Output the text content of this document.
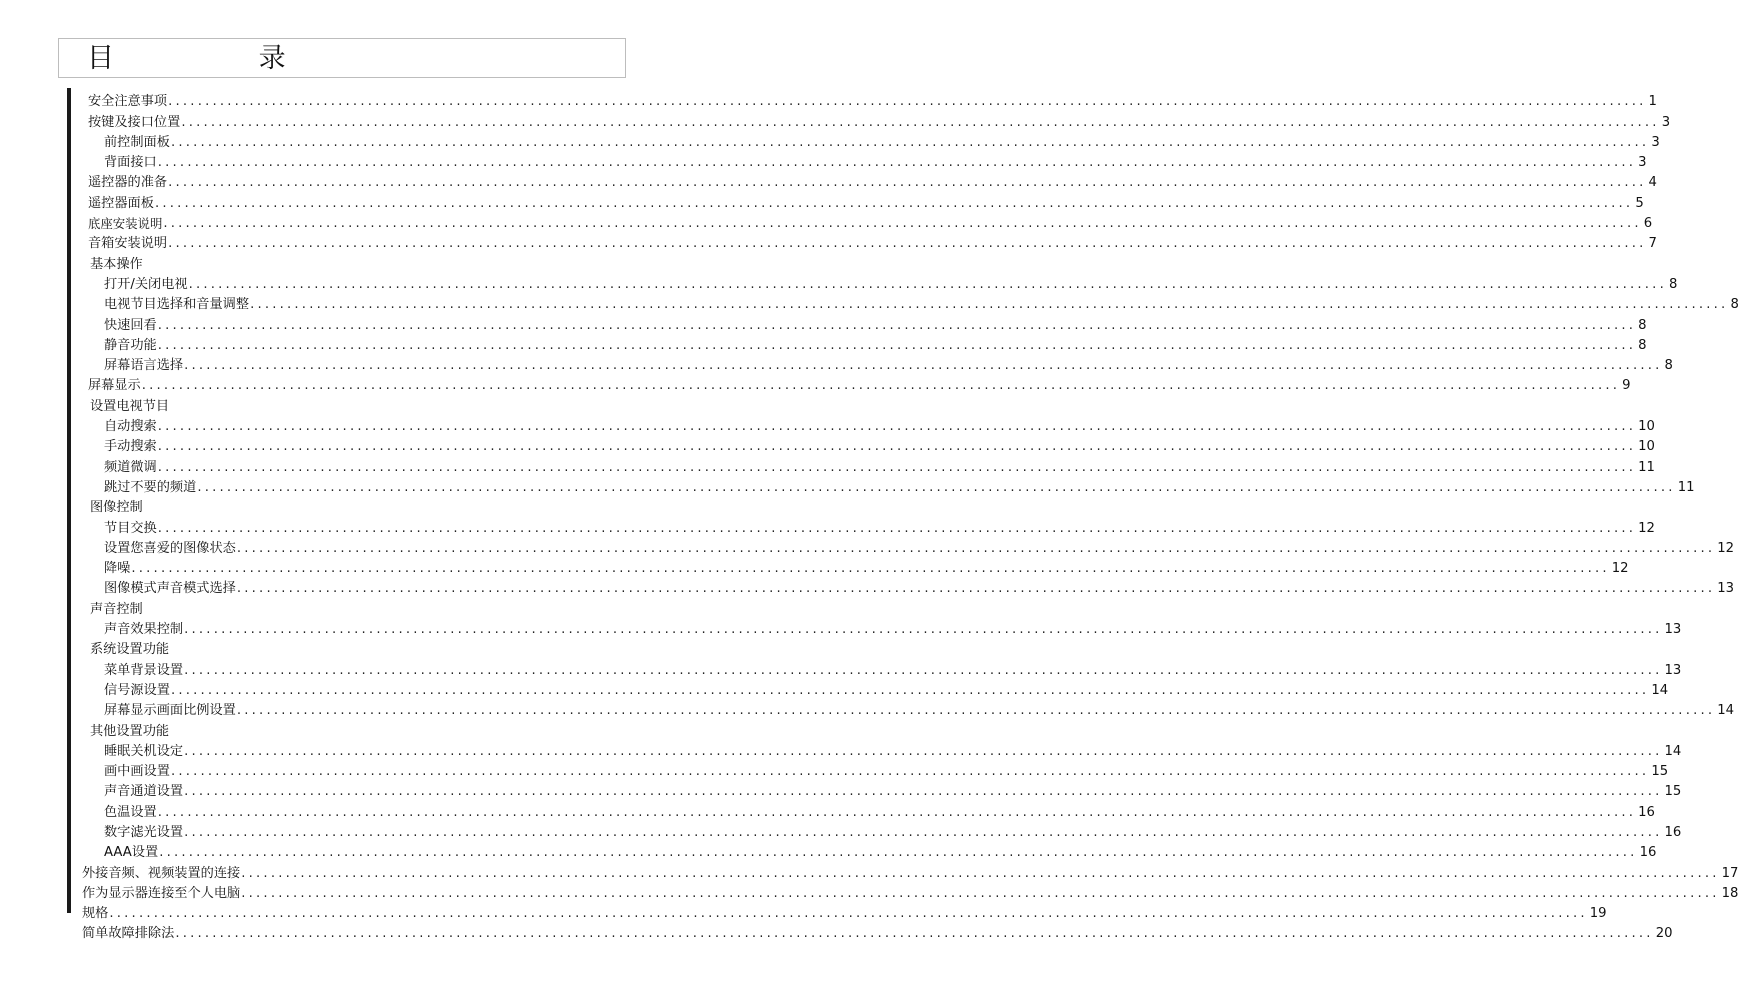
目 录
安全注意事项 ........................................................................................................................................................................................................ 1
按键及接口位置 ........................................................................................................................................................................................................ 3
前控制面板 ........................................................................................................................................................................................................ 3
背面接口 ........................................................................................................................................................................................................ 3
遥控器的准备 ........................................................................................................................................................................................................ 4
遥控器面板 ........................................................................................................................................................................................................ 5
底座安装说明 ........................................................................................................................................................................................................ 6
音箱安装说明 ........................................................................................................................................................................................................ 7
基本操作
打开/关闭电视 ........................................................................................................................................................................................................ 8
电视节目选择和音量调整 ........................................................................................................................................................................................................ 8
快速回看 ........................................................................................................................................................................................................ 8
静音功能 ........................................................................................................................................................................................................ 8
屏幕语言选择 ........................................................................................................................................................................................................ 8
屏幕显示 ........................................................................................................................................................................................................ 9
设置电视节目
自动搜索 ........................................................................................................................................................................................................ 10
手动搜索 ........................................................................................................................................................................................................ 10
频道微调 ........................................................................................................................................................................................................ 11
跳过不要的频道 ........................................................................................................................................................................................................ 11
图像控制
节目交换 ........................................................................................................................................................................................................ 12
设置您喜爱的图像状态 ........................................................................................................................................................................................................ 12
降噪 ........................................................................................................................................................................................................ 12
图像模式声音模式选择 ........................................................................................................................................................................................................ 13
声音控制
声音效果控制 ........................................................................................................................................................................................................ 13
系统设置功能
菜单背景设置 ........................................................................................................................................................................................................ 13
信号源设置 ........................................................................................................................................................................................................ 14
屏幕显示画面比例设置 ........................................................................................................................................................................................................ 14
其他设置功能
睡眠关机设定 ........................................................................................................................................................................................................ 14
画中画设置 ........................................................................................................................................................................................................ 15
声音通道设置 ........................................................................................................................................................................................................ 15
色温设置 ........................................................................................................................................................................................................ 16
数字滤光设置 ........................................................................................................................................................................................................ 16
AAA设置 ........................................................................................................................................................................................................ 16
外接音频、视频装置的连接 ........................................................................................................................................................................................................ 17
作为显示器连接至个人电脑 ........................................................................................................................................................................................................ 18
规格 ........................................................................................................................................................................................................ 19
简单故障排除法 ........................................................................................................................................................................................................ 20
